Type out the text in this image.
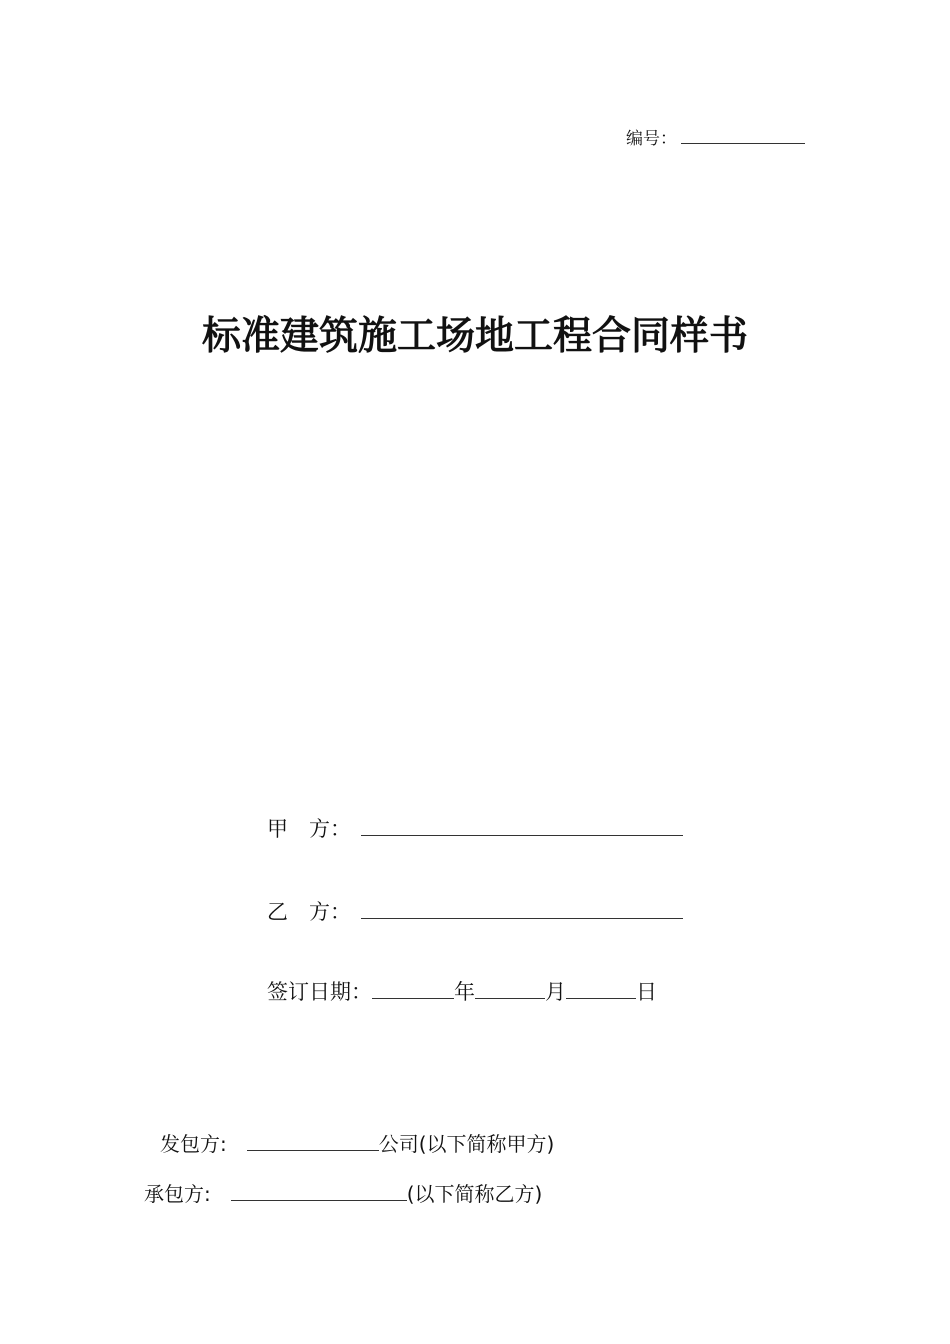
编号：
标准建筑施工场地工程合同样书
甲　方：
乙　方：
签订日期：	年	月	日
发包方:	公司(以下简称甲方)
承包方:	(以下简称乙方)
